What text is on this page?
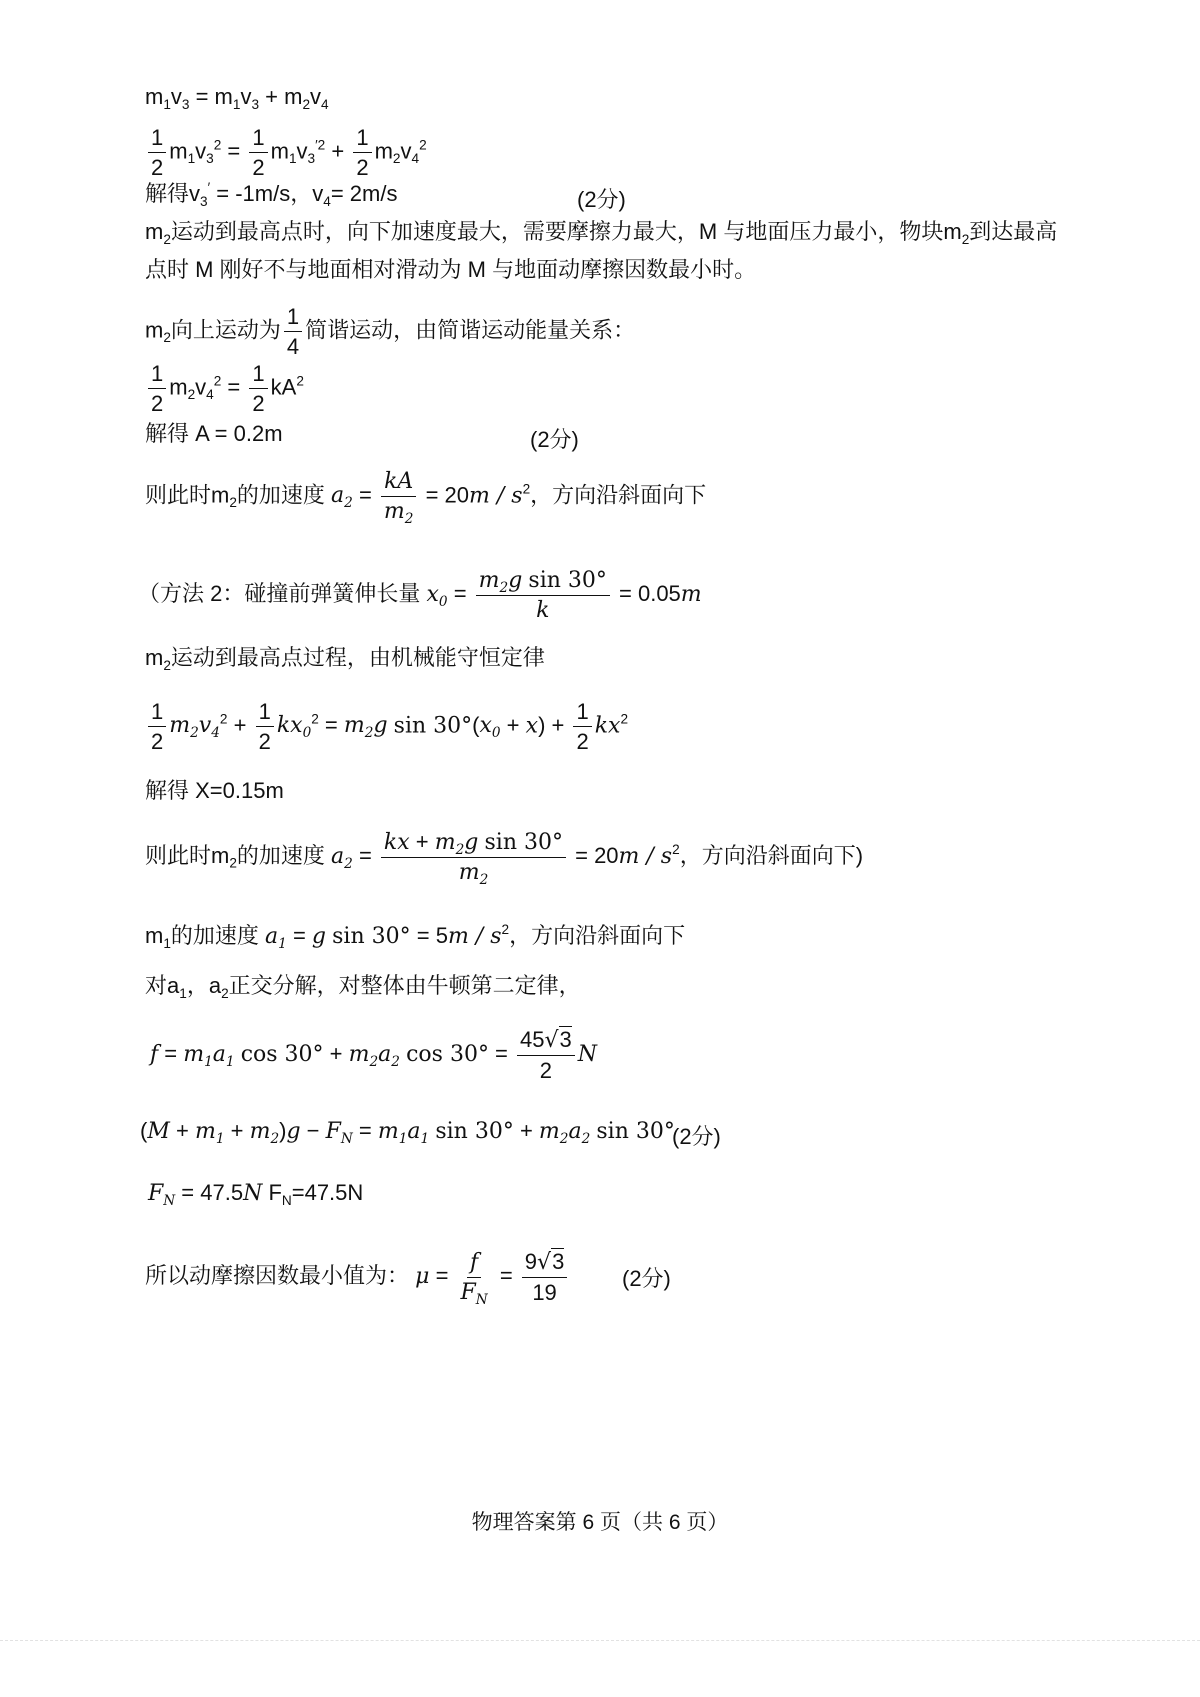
$m_1v_3 = m_1v_3 + m_2v_4$
$\frac{1}{2} m_1v_3^2 = \frac{1}{2} m_1v_3^{'2} + \frac{1}{2} m_2v_4^2$
解得$v_3' = -1m/s$，$v_4= 2m/s$	(2分)
$m_2$运动到最高点时，向下加速度最大，需要摩擦力最大，M 与地面压力最小，物块$m_2$到达最高
点时 M 刚好不与地面相对滑动为 M 与地面动摩擦因数最小时。
$m_2$向上运动为 $\frac{1}{4}$ 简谐运动，由简谐运动能量关系：
$\frac{1}{2} m_2v_4^2 = \frac{1}{2} kA^2$
解得 A = 0.2m	(2分)
则此时$m_2$的加速度 $a_2 = \frac{kA}{m_2} = 20m / s^2$，方向沿斜面向下
（方法 2：碰撞前弹簧伸长量 $x_0 = \frac{m_2g \sin 30^\circ}{k} = 0.05m$
$m_2$运动到最高点过程，由机械能守恒定律
$\frac{1}{2} m_2v_4^2 + \frac{1}{2} kx_0^2 = m_2g$ $\sin 30^\circ(x_0 + x) + \frac{1}{2} kx^2$
解得 X=0.15m
则此时$m_2$的加速度 $a_2 = \frac{kx + m_2g \sin 30^\circ}{m_2} = 20m / s^2$，方向沿斜面向下)
$m_1$的加速度 $a_1 = g$ $\sin 30^\circ = 5m / s^2$，方向沿斜面向下
对$a_1$，$a_2$正交分解，对整体由牛顿第二定律，
$f = m_1a_1$ $\cos 30^\circ + m_2a_2$ $\cos 30^\circ = \frac{45√3}{2}$ N
$(M + m_1 + m_2)g - F_N = m_1a_1$ $\sin 30^\circ + m_2a_2$ sin 30°
(2分)
$F_N = 47.5N$ $F_N=47.5N$
所以动摩擦因数最小值为： $\mu = \frac{f}{F_N} = \frac{9√3}{19} (2$分)
物理答案第 6 页（共 6 页）
